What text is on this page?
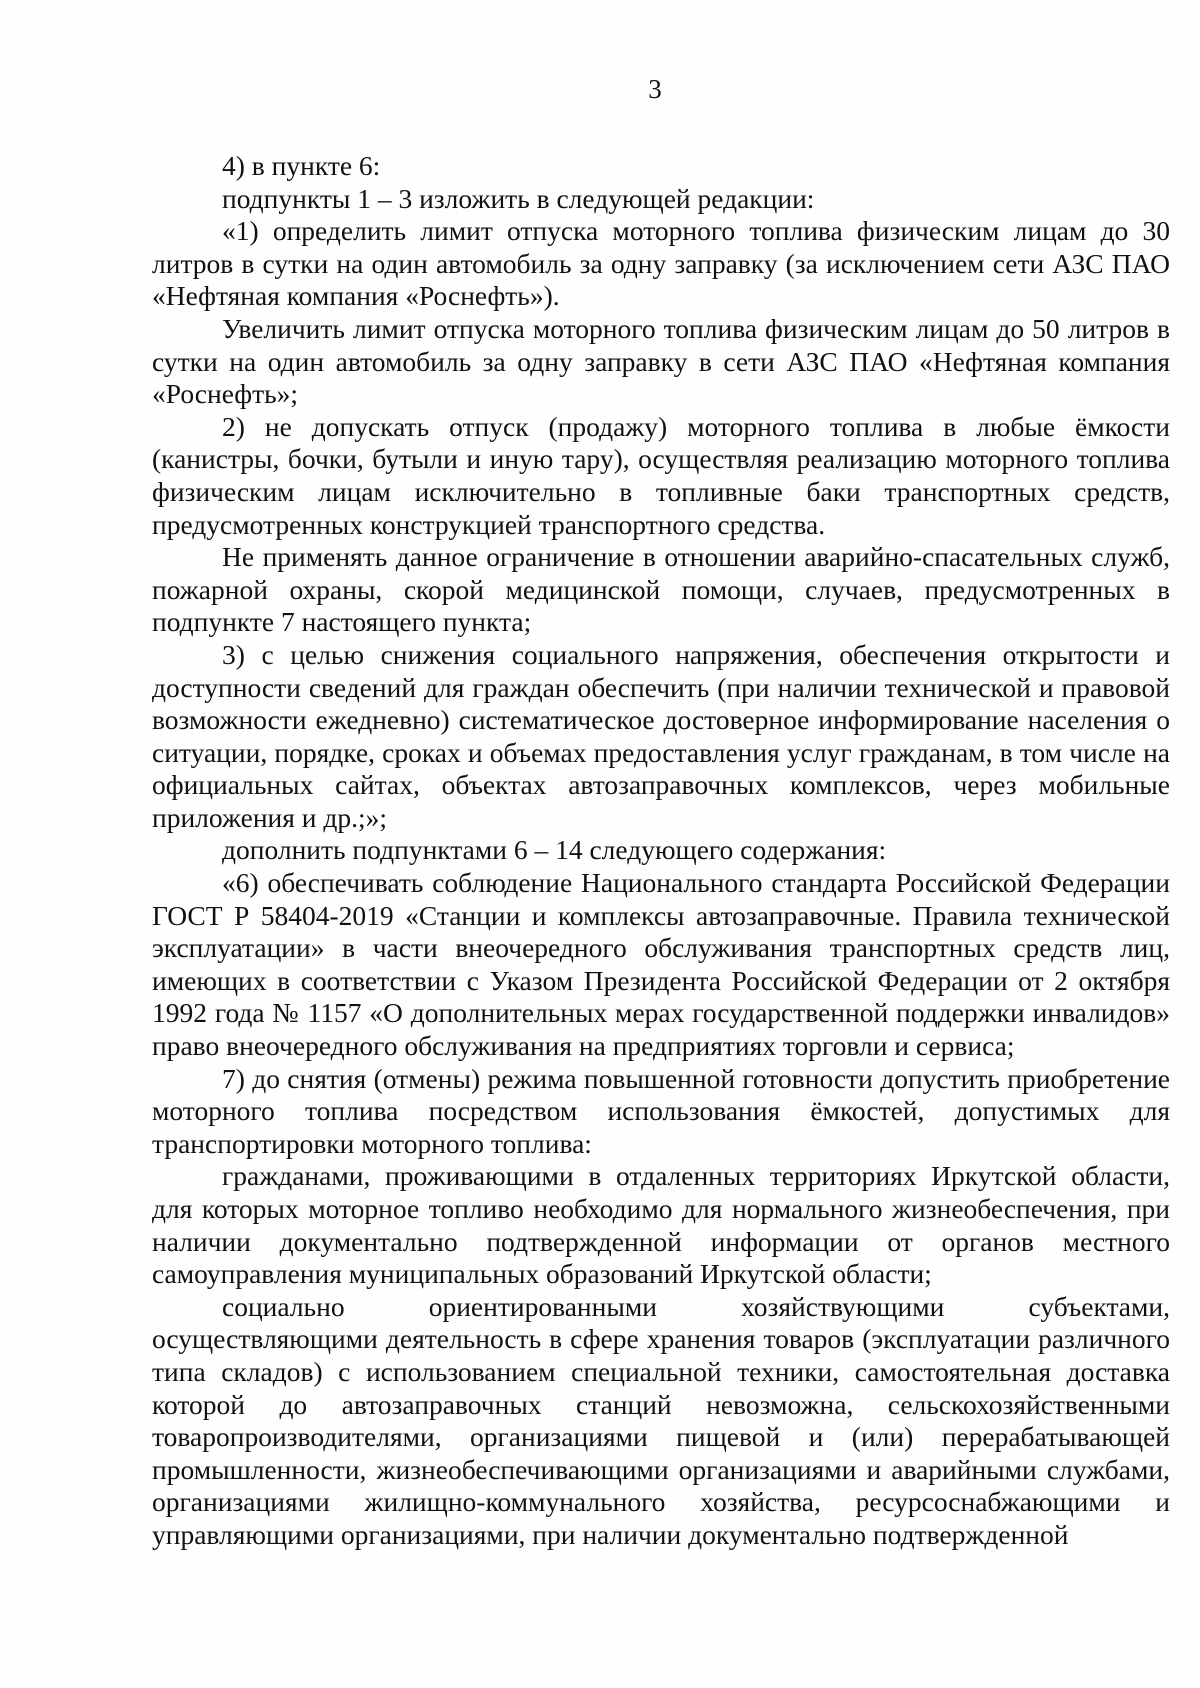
3

4) в пункте 6:

подпункты 1 – 3 изложить в следующей редакции:

«1) определить лимит отпуска моторного топлива физическим лицам до 30 литров в сутки на один автомобиль за одну заправку (за исключением сети АЗС ПАО «Нефтяная компания «Роснефть»).

Увеличить лимит отпуска моторного топлива физическим лицам до 50 литров в сутки на один автомобиль за одну заправку в сети АЗС ПАО «Нефтяная компания «Роснефть»;

2) не допускать отпуск (продажу) моторного топлива в любые ёмкости (канистры, бочки, бутыли и иную тару), осуществляя реализацию моторного топлива физическим лицам исключительно в топливные баки транспортных средств, предусмотренных конструкцией транспортного средства.

Не применять данное ограничение в отношении аварийно-спасательных служб, пожарной охраны, скорой медицинской помощи, случаев, предусмотренных в подпункте 7 настоящего пункта;

3) с целью снижения социального напряжения, обеспечения открытости и доступности сведений для граждан обеспечить (при наличии технической и правовой возможности ежедневно) систематическое достоверное информирование населения о ситуации, порядке, сроках и объемах предоставления услуг гражданам, в том числе на официальных сайтах, объектах автозаправочных комплексов, через мобильные приложения и др.;»;

дополнить подпунктами 6 – 14 следующего содержания:

«6) обеспечивать соблюдение Национального стандарта Российской Федерации ГОСТ Р 58404-2019 «Станции и комплексы автозаправочные. Правила технической эксплуатации» в части внеочередного обслуживания транспортных средств лиц, имеющих в соответствии с Указом Президента Российской Федерации от 2 октября 1992 года № 1157 «О дополнительных мерах государственной поддержки инвалидов» право внеочередного обслуживания на предприятиях торговли и сервиса;

7) до снятия (отмены) режима повышенной готовности допустить приобретение моторного топлива посредством использования ёмкостей, допустимых для транспортировки моторного топлива:

гражданами, проживающими в отдаленных территориях Иркутской области, для которых моторное топливо необходимо для нормального жизнеобеспечения, при наличии документально подтвержденной информации от органов местного самоуправления муниципальных образований Иркутской области;

социально ориентированными хозяйствующими субъектами, осуществляющими деятельность в сфере хранения товаров (эксплуатации различного типа складов) с использованием специальной техники, самостоятельная доставка которой до автозаправочных станций невозможна, сельскохозяйственными товаропроизводителями, организациями пищевой и (или) перерабатывающей промышленности, жизнеобеспечивающими организациями и аварийными службами, организациями жилищно-коммунального хозяйства, ресурсоснабжающими и управляющими организациями, при наличии документально подтвержденной
